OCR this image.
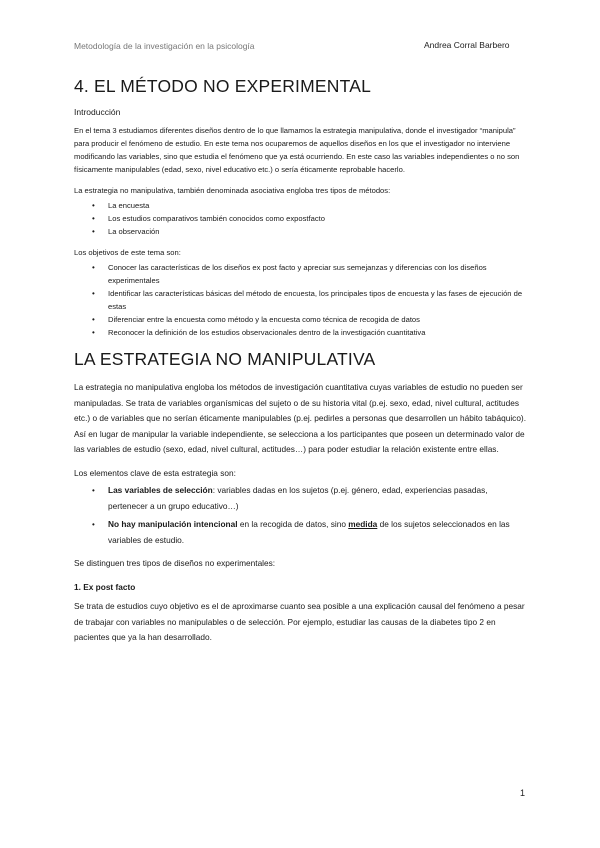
Metodología de la investigación en la psicología	Andrea Corral Barbero
4. EL MÉTODO NO EXPERIMENTAL

Introducción

En el tema 3 estudiamos diferentes diseños dentro de lo que llamamos la estrategia manipulativa, donde el investigador “manipula” para producir el fenómeno de estudio. En este tema nos ocuparemos de aquellos diseños en los que el investigador no interviene modificando las variables, sino que estudia el fenómeno que ya está ocurriendo. En este caso las variables independientes o no son físicamente manipulables (edad, sexo, nivel educativo etc.) o sería éticamente reprobable hacerlo.

La estrategia no manipulativa, también denominada asociativa engloba tres tipos de métodos:

• La encuesta
• Los estudios comparativos también conocidos como expostfacto
• La observación

Los objetivos de este tema son:

• Conocer las características de los diseños ex post facto y apreciar sus semejanzas y diferencias con los diseños experimentales
• Identificar las características básicas del método de encuesta, los principales tipos de encuesta y las fases de ejecución de estas
• Diferenciar entre la encuesta como método y la encuesta como técnica de recogida de datos
• Reconocer la definición de los estudios observacionales dentro de la investigación cuantitativa
LA ESTRATEGIA NO MANIPULATIVA

La estrategia no manipulativa engloba los métodos de investigación cuantitativa cuyas variables de estudio no pueden ser manipuladas. Se trata de variables organísmicas del sujeto o de su historia vital (p.ej. sexo, edad, nivel cultural, actitudes etc.) o de variables que no serían éticamente manipulables (p.ej. pedirles a personas que desarrollen un hábito tabáquico). Así en lugar de manipular la variable independiente, se selecciona a los participantes que poseen un determinado valor de las variables de estudio (sexo, edad, nivel cultural, actitudes…) para poder estudiar la relación existente entre ellas.

Los elementos clave de esta estrategia son:

• Las variables de selección: variables dadas en los sujetos (p.ej. género, edad, experiencias pasadas, pertenecer a un grupo educativo…)
• No hay manipulación intencional en la recogida de datos, sino medida de los sujetos seleccionados en las variables de estudio.

Se distinguen tres tipos de diseños no experimentales:

1. Ex post facto

Se trata de estudios cuyo objetivo es el de aproximarse cuanto sea posible a una explicación causal del fenómeno a pesar de trabajar con variables no manipulables o de selección. Por ejemplo, estudiar las causas de la diabetes tipo 2 en pacientes que ya la han desarrollado.

1
